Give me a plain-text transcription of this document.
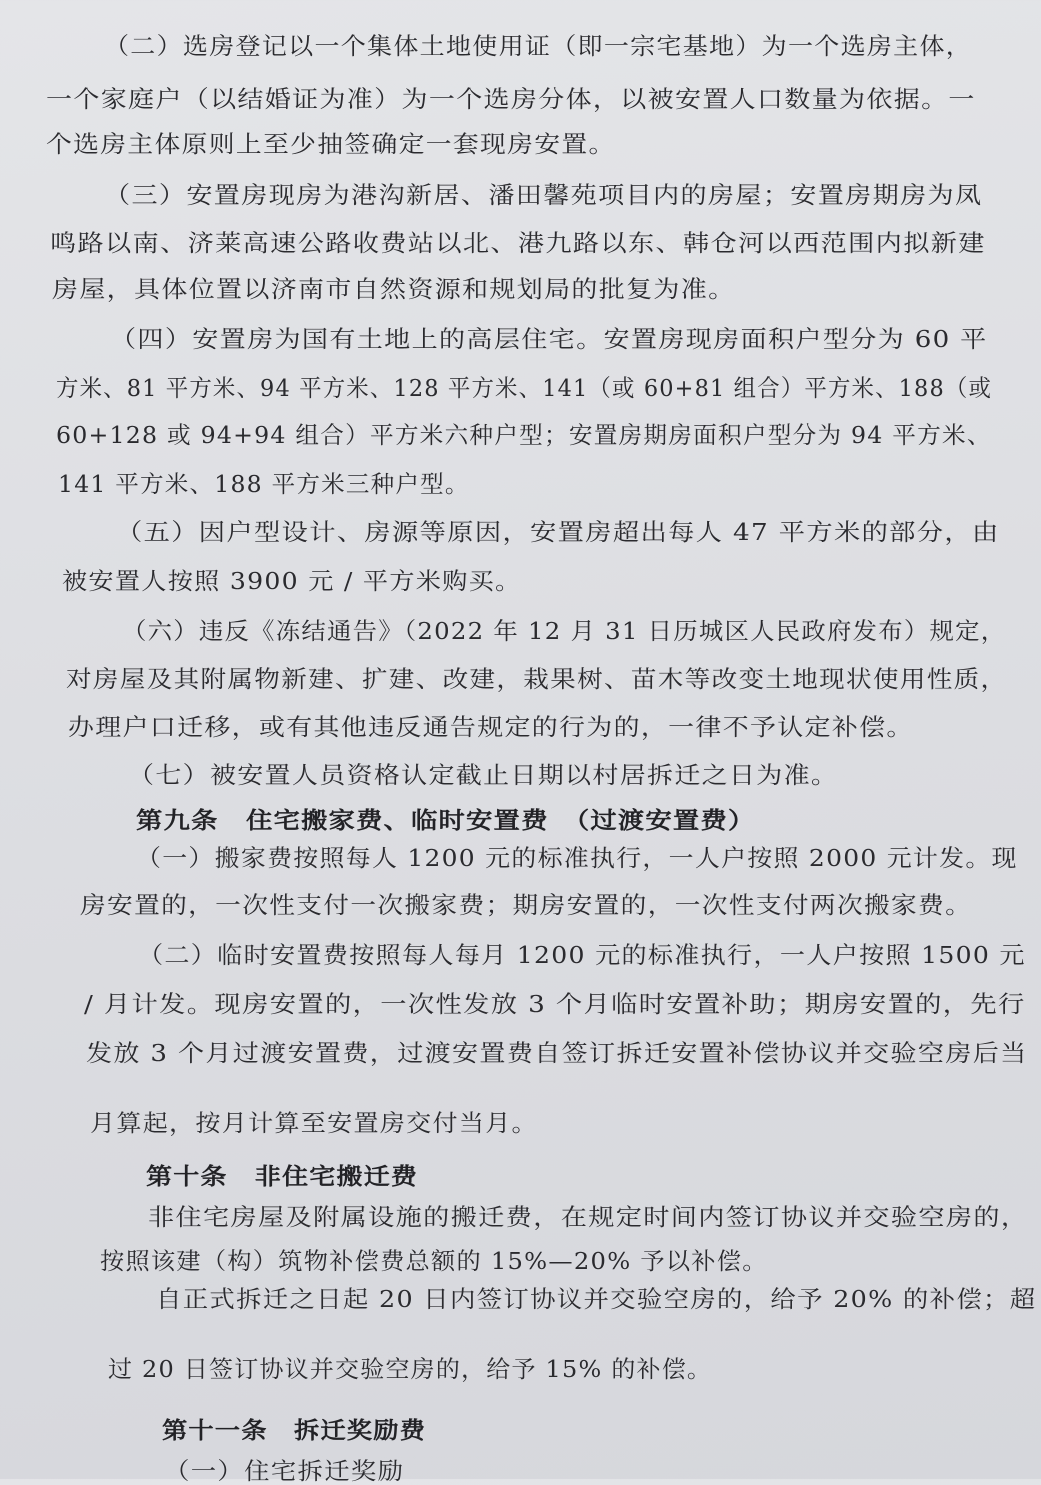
（二）选房登记以一个集体土地使用证（即一宗宅基地）为一个选房主体，
一个家庭户（以结婚证为准）为一个选房分体，以被安置人口数量为依据。一
个选房主体原则上至少抽签确定一套现房安置。
（三）安置房现房为港沟新居、潘田馨苑项目内的房屋；安置房期房为凤
鸣路以南、济莱高速公路收费站以北、港九路以东、韩仓河以西范围内拟新建
房屋，具体位置以济南市自然资源和规划局的批复为准。
（四）安置房为国有土地上的高层住宅。安置房现房面积户型分为 60 平
方米、81 平方米、94 平方米、128 平方米、141（或 60+81 组合）平方米、188（或
60+128 或 94+94 组合）平方米六种户型；安置房期房面积户型分为 94 平方米、
141 平方米、188 平方米三种户型。
（五）因户型设计、房源等原因，安置房超出每人 47 平方米的部分，由
被安置人按照 3900 元 / 平方米购买。
（六）违反《冻结通告》（2022 年 12 月 31 日历城区人民政府发布）规定，
对房屋及其附属物新建、扩建、改建，栽果树、苗木等改变土地现状使用性质，
办理户口迁移，或有其他违反通告规定的行为的，一律不予认定补偿。
（七）被安置人员资格认定截止日期以村居拆迁之日为准。
第九条　住宅搬家费、临时安置费　（过渡安置费）
（一）搬家费按照每人 1200 元的标准执行，一人户按照 2000 元计发。现
房安置的，一次性支付一次搬家费；期房安置的，一次性支付两次搬家费。
（二）临时安置费按照每人每月 1200 元的标准执行，一人户按照 1500 元
/ 月计发。现房安置的，一次性发放 3 个月临时安置补助；期房安置的，先行
发放 3 个月过渡安置费，过渡安置费自签订拆迁安置补偿协议并交验空房后当
月算起，按月计算至安置房交付当月。
第十条　非住宅搬迁费
非住宅房屋及附属设施的搬迁费，在规定时间内签订协议并交验空房的，
按照该建（构）筑物补偿费总额的 15%—20% 予以补偿。
自正式拆迁之日起 20 日内签订协议并交验空房的，给予 20% 的补偿；超
过 20 日签订协议并交验空房的，给予 15% 的补偿。
第十一条　拆迁奖励费
（一）住宅拆迁奖励
